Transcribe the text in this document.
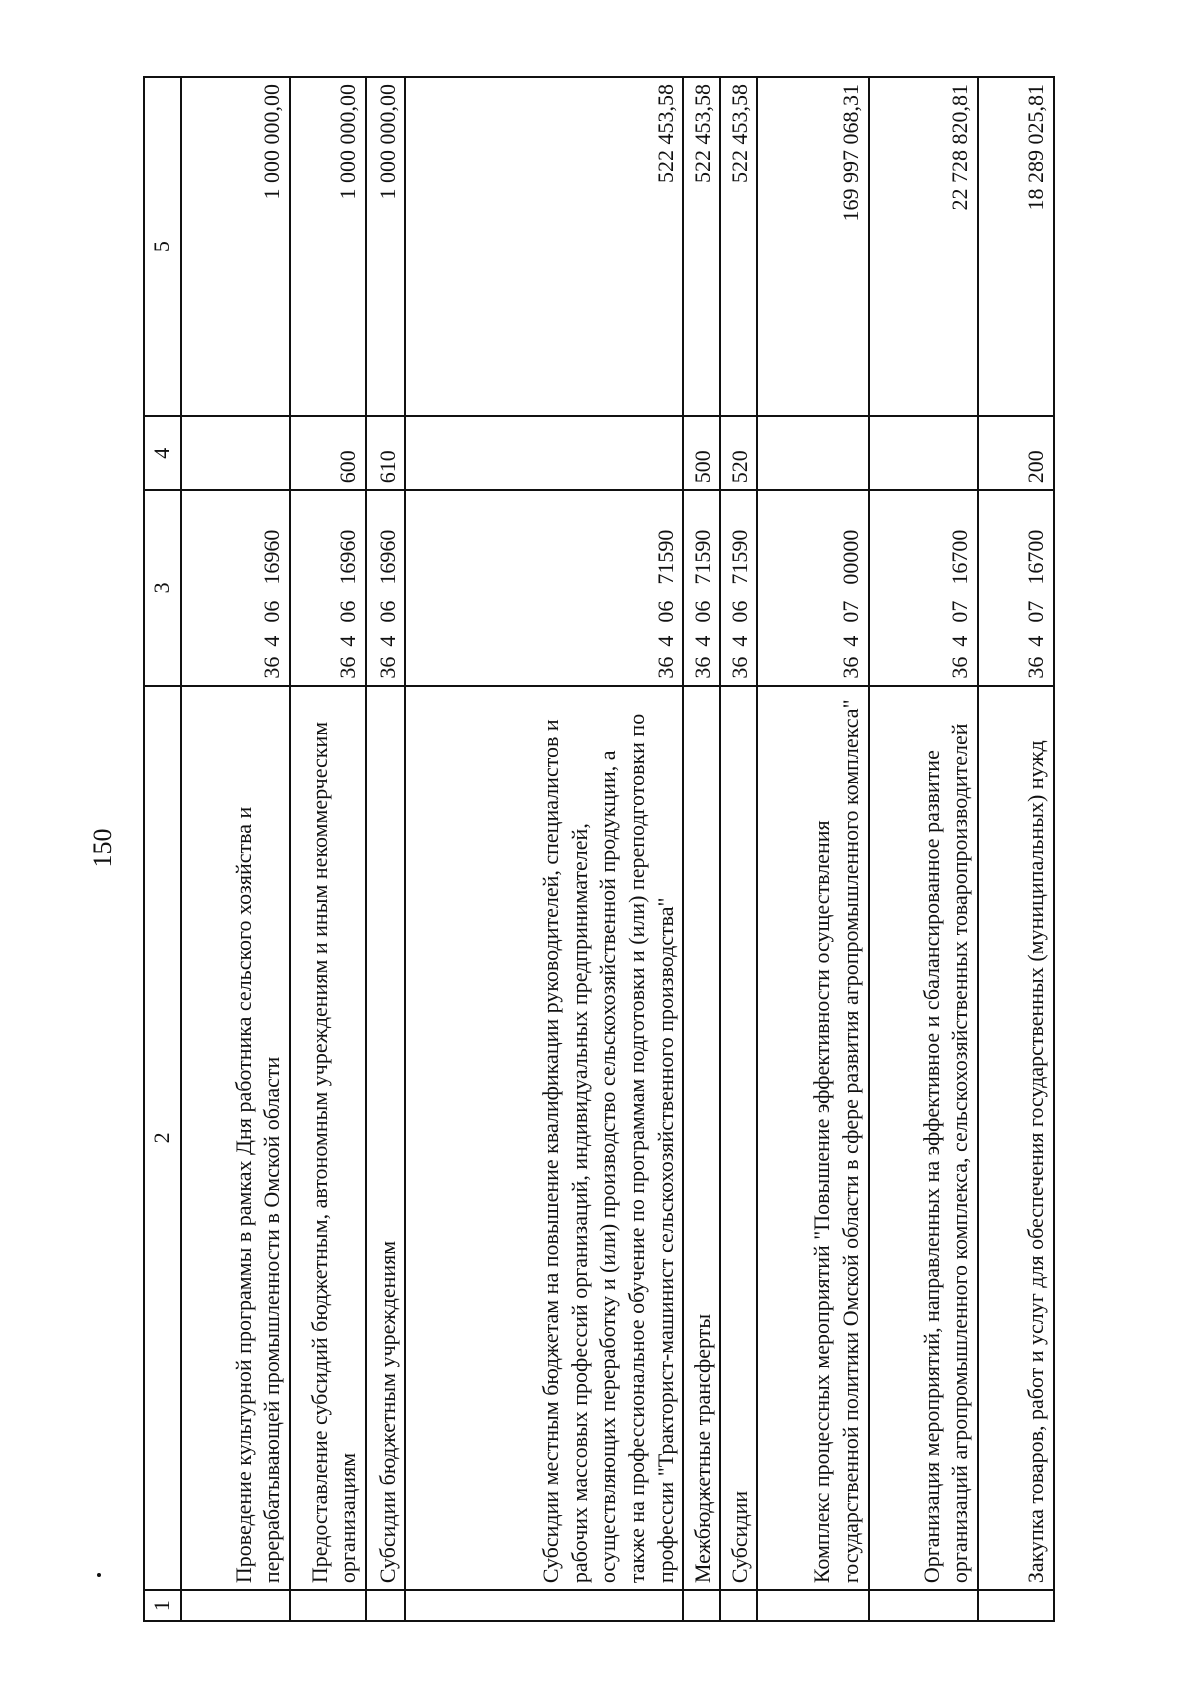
150
1	2	3	4	5
	Проведение культурной программы в рамках Дня работника сельского хозяйства и перерабатывающей промышленности в Омской области	3640616960		1 000 000,00
	Предоставление субсидий бюджетным, автономным учреждениям и иным некоммерческим организациям	3640616960	600	1 000 000,00
	Субсидии бюджетным учреждениям	3640616960	610	1 000 000,00
	Субсидии местным бюджетам на повышение квалификации руководителей, специалистов и рабочих массовых профессий организаций, индивидуальных предпринимателей, осуществляющих переработку и (или) производство сельскохозяйственной продукции, а также на профессиональное обучение по программам подготовки и (или) переподготовки по профессии "Тракторист-машинист сельскохозяйственного производства"	3640671590		522 453,58
	Межбюджетные трансферты	3640671590	500	522 453,58
	Субсидии	3640671590	520	522 453,58
	Комплекс процессных мероприятий "Повышение эффективности осуществления государственной политики Омской области в сфере развития агропромышленного комплекса"	3640700000		169 997 068,31
	Организация мероприятий, направленных на эффективное и сбалансированное развитие организаций агропромышленного комплекса, сельскохозяйственных товаропроизводителей	3640716700		22 728 820,81
	Закупка товаров, работ и услуг для обеспечения государственных (муниципальных) нужд	3640716700	200	18 289 025,81
